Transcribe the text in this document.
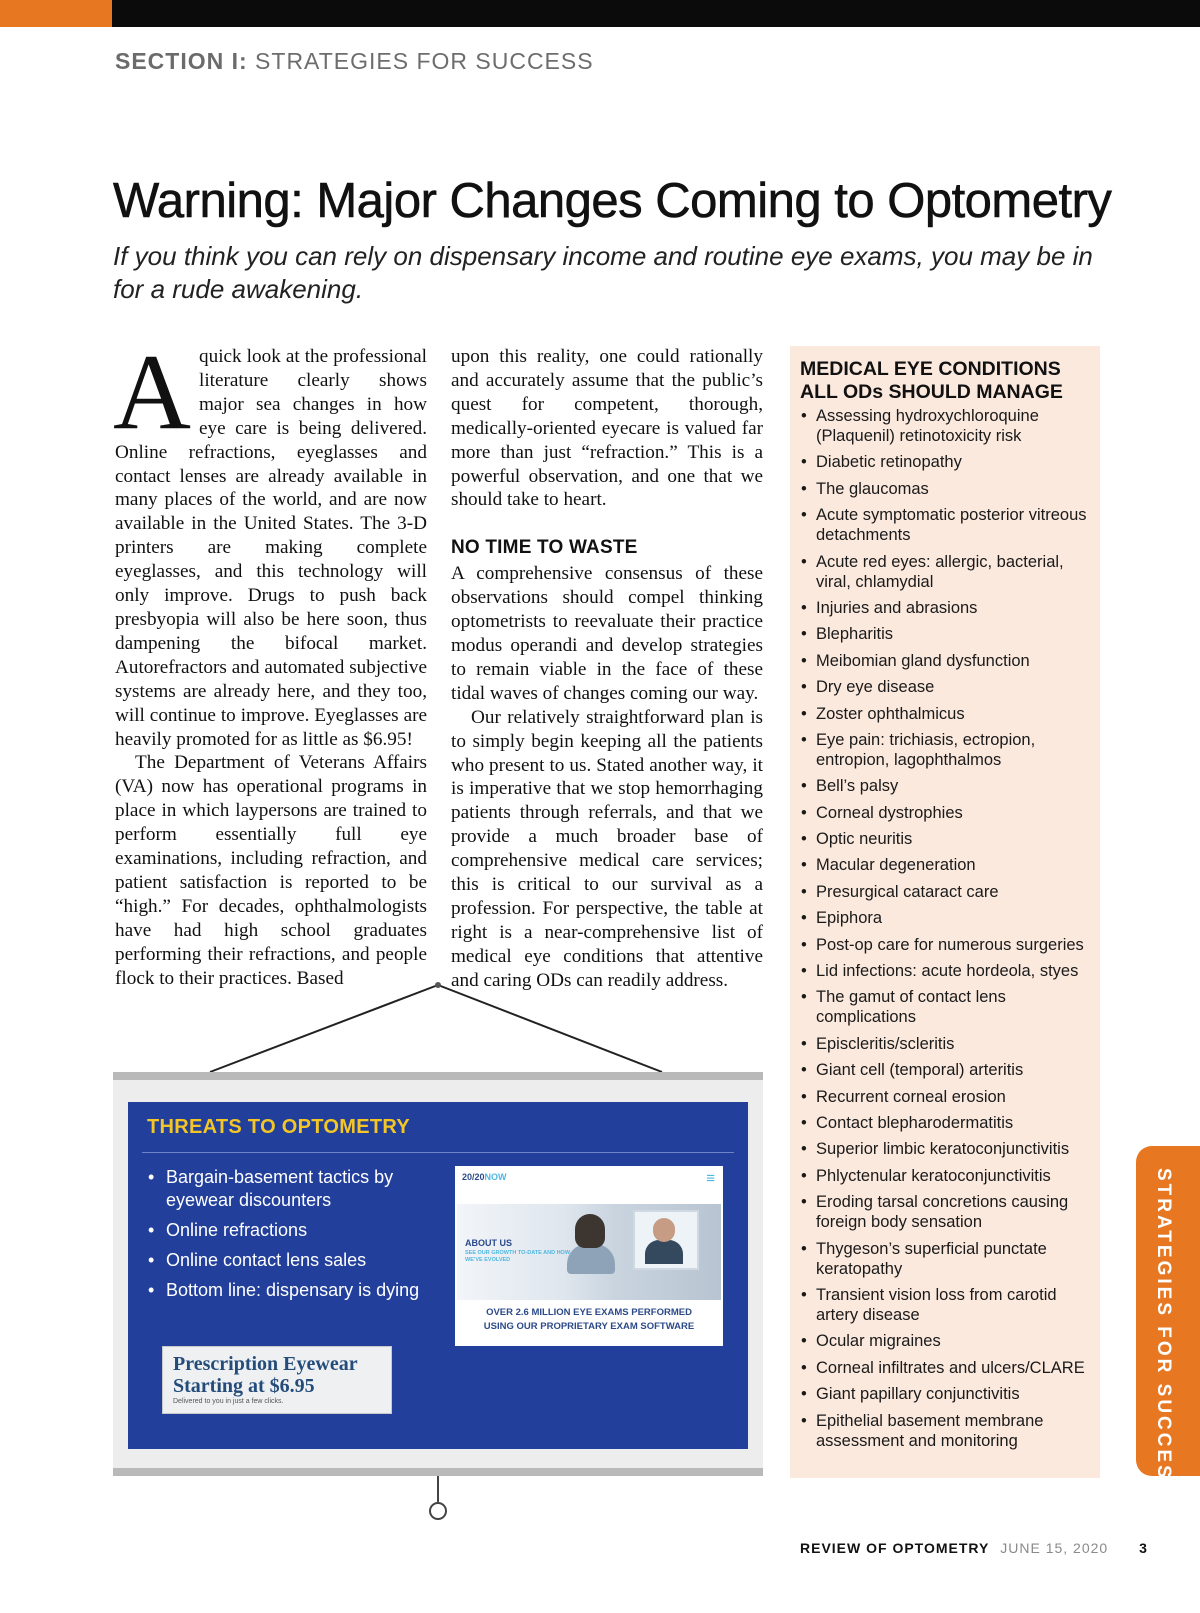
SECTION I: STRATEGIES FOR SUCCESS
Warning: Major Changes Coming to Optometry
If you think you can rely on dispensary income and routine eye exams, you may be in for a rude awakening.

Aquick look at the professional literature clearly shows major sea changes in how eye care is being delivered. Online refractions, eyeglasses and contact lenses are already available in many places of the world, and are now available in the United States. The 3-D printers are making complete eyeglasses, and this technology will only improve. Drugs to push back presbyopia will also be here soon, thus dampening the bifocal market. Autorefractors and automated subjective systems are already here, and they too, will continue to improve. Eyeglasses are heavily promoted for as little as $6.95!

The Department of Veterans Affairs (VA) now has operational programs in place in which laypersons are trained to perform essentially full eye examinations, including refraction, and patient satisfaction is reported to be “high.” For decades, ophthalmologists have had high school graduates performing their refractions, and people flock to their practices. Based

upon this reality, one could rationally and accurately assume that the public’s quest for competent, thorough, medically-oriented eyecare is valued far more than just “refraction.” This is a powerful observation, and one that we should take to heart.

NO TIME TO WASTE

A comprehensive consensus of these observations should compel thinking optometrists to reevaluate their practice modus operandi and develop strategies to remain viable in the face of these tidal waves of changes coming our way.

Our relatively straightforward plan is to simply begin keeping all the patients who present to us. Stated another way, it is imperative that we stop hemorrhaging patients through referrals, and that we provide a much broader base of comprehensive medical care services; this is critical to our survival as a profession. For perspective, the table at right is a near-comprehensive list of medical eye conditions that attentive and caring ODs can readily address.

THREATS TO OPTOMETRY
• Bargain-basement tactics by eyewear discounters
• Online refractions
• Online contact lens sales
• Bottom line: dispensary is dying
Prescription Eyewear
Starting at $6.95
Delivered to you in just a few clicks.
20/20NOW	≡
ABOUT US
SEE OUR GROWTH TO-DATE AND HOW WE’VE EVOLVED
OVER 2.6 MILLION EYE EXAMS PERFORMED
USING OUR PROPRIETARY EXAM SOFTWARE
MEDICAL EYE CONDITIONS
ALL ODs SHOULD MANAGE
• Assessing hydroxychloroquine (Plaquenil) retinotoxicity risk
• Diabetic retinopathy
• The glaucomas
• Acute symptomatic posterior vitreous detachments
• Acute red eyes: allergic, bacterial, viral, chlamydial
• Injuries and abrasions
• Blepharitis
• Meibomian gland dysfunction
• Dry eye disease
• Zoster ophthalmicus
• Eye pain: trichiasis, ectropion, entropion, lagophthalmos
• Bell’s palsy
• Corneal dystrophies
• Optic neuritis
• Macular degeneration
• Presurgical cataract care
• Epiphora
• Post-op care for numerous surgeries
• Lid infections: acute hordeola, styes
• The gamut of contact lens complications
• Episcleritis/scleritis
• Giant cell (temporal) arteritis
• Recurrent corneal erosion
• Contact blepharodermatitis
• Superior limbic keratoconjunctivitis
• Phlyctenular keratoconjunctivitis
• Eroding tarsal concretions causing foreign body sensation
• Thygeson’s superficial punctate keratopathy
• Transient vision loss from carotid artery disease
• Ocular migraines
• Corneal infiltrates and ulcers/CLARE
• Giant papillary conjunctivitis
• Epithelial basement membrane assessment and monitoring	STRATEGIES FOR SUCCESS
REVIEW OF OPTOMETRY JUNE 15, 2020 3
